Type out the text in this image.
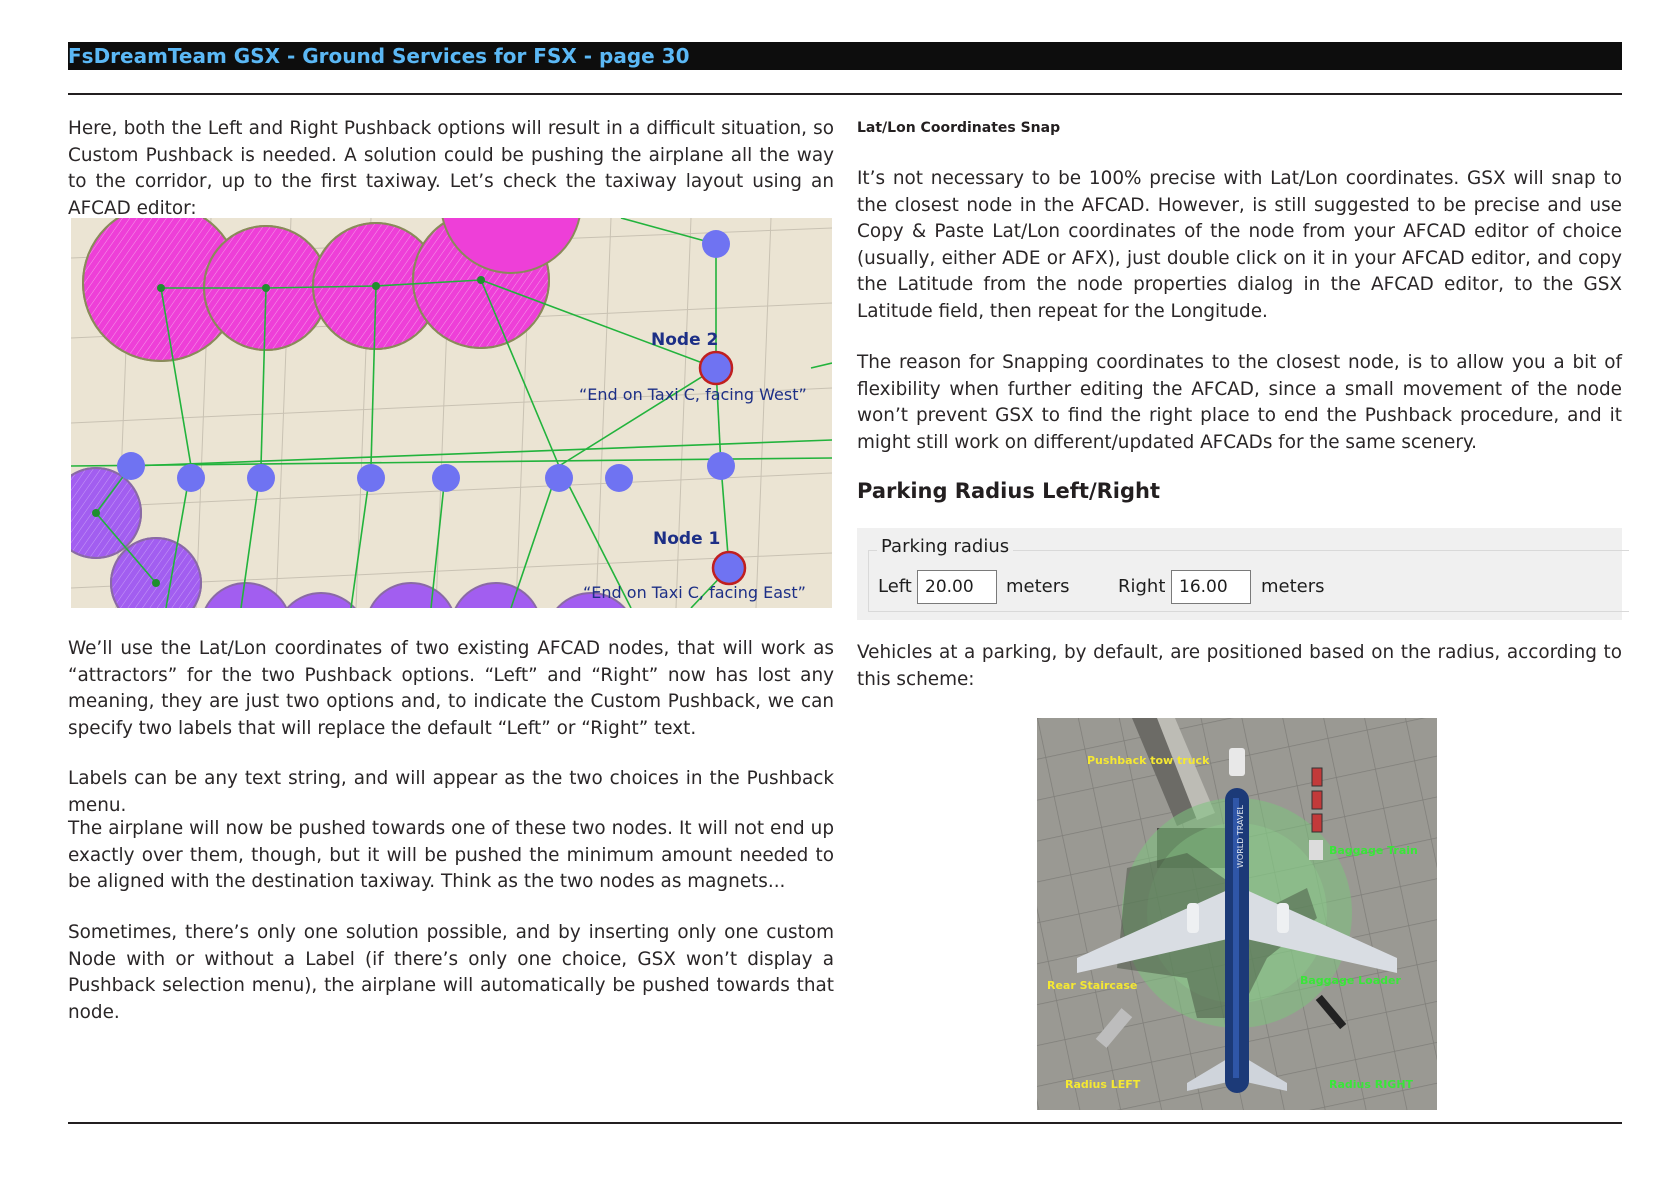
FsDreamTeam GSX - Ground Services for FSX - page 30

Here, both the Left and Right Pushback options will result in a difficult situation, so Custom Pushback is needed. A solution could be pushing the airplane all the way to the corridor, up to the first taxiway. Let’s check the taxiway layout using an AFCAD editor:

Node 2
“End on Taxi C, facing West”
Node 1
“End on Taxi C, facing East”

We’ll use the Lat/Lon coordinates of two existing AFCAD nodes, that will work as “attractors” for the two Pushback options. “Left” and “Right” now has lost any meaning, they are just two options and, to indicate the Custom Pushback, we can specify two labels that will replace the default “Left” or “Right” text.

Labels can be any text string, and will appear as the two choices in the Pushback menu.

The airplane will now be pushed towards one of these two nodes. It will not end up exactly over them, though, but it will be pushed the minimum amount needed to be aligned with the destination taxiway. Think as the two nodes as magnets...

Sometimes, there’s only one solution possible, and by inserting only one custom Node with or without a Label (if there’s only one choice, GSX won’t display a Pushback selection menu), the airplane will automatically be pushed towards that node.

Lat/Lon Coordinates Snap

It’s not necessary to be 100% precise with Lat/Lon coordinates. GSX will snap to the closest node in the AFCAD. However, is still suggested to be precise and use Copy & Paste Lat/Lon coordinates of the node from your AFCAD editor of choice (usually, either ADE or AFX), just double click on it in your AFCAD editor, and copy the Latitude from the node properties dialog in the AFCAD editor, to the GSX Latitude field, then repeat for the Longitude.

The reason for Snapping coordinates to the closest node, is to allow you a bit of flexibility when further editing the AFCAD, since a small movement of the node won’t prevent GSX to find the right place to end the Pushback procedure, and it might still work on different/updated AFCADs for the same scenery.

Parking Radius Left/Right
Parking radius
Left
20.00	meters	Right
16.00	meters

Vehicles at a parking, by default, are positioned based on the radius, according to this scheme:

WORLD TRAVEL
Pushback tow truck
Baggage Train
Rear Staircase	Baggage Loader
Radius LEFT	Radius RIGHT
